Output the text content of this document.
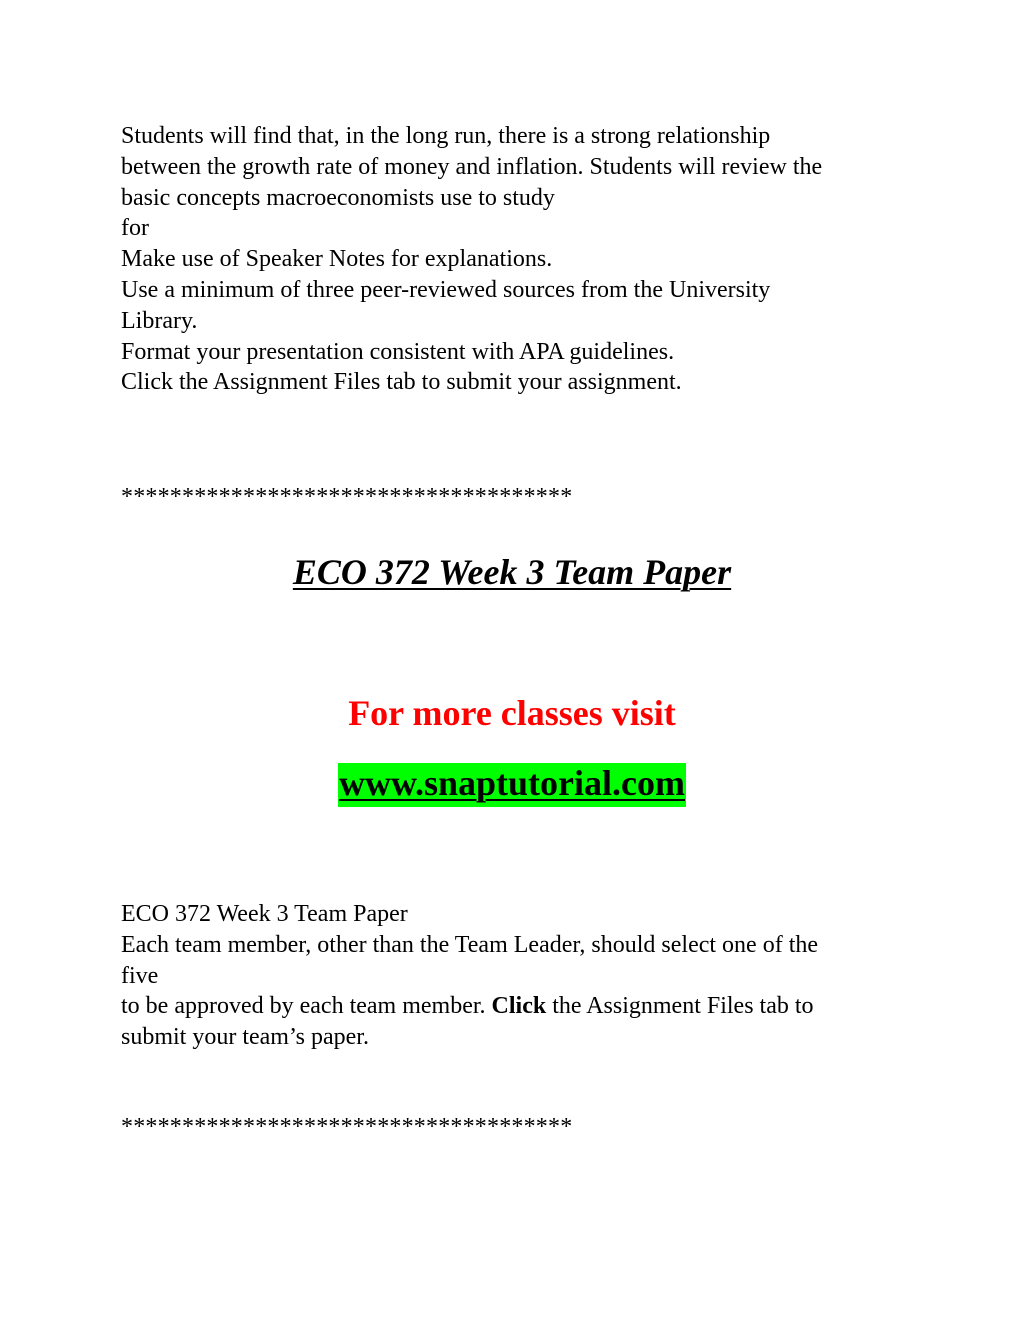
Students will find that, in the long run, there is a strong relationship
between the growth rate of money and inflation. Students will review the
basic concepts macroeconomists use to study
for
Make use of Speaker Notes for explanations.
Use a minimum of three peer-reviewed sources from the University
Library.
Format your presentation consistent with APA guidelines.
Click the Assignment Files tab to submit your assignment.
*************************************
ECO 372 Week 3 Team Paper
For more classes visit
www.snaptutorial.com
ECO 372 Week 3 Team Paper
Each team member, other than the Team Leader, should select one of the
five
to be approved by each team member. Click the Assignment Files tab to
submit your team’s paper.
*************************************
